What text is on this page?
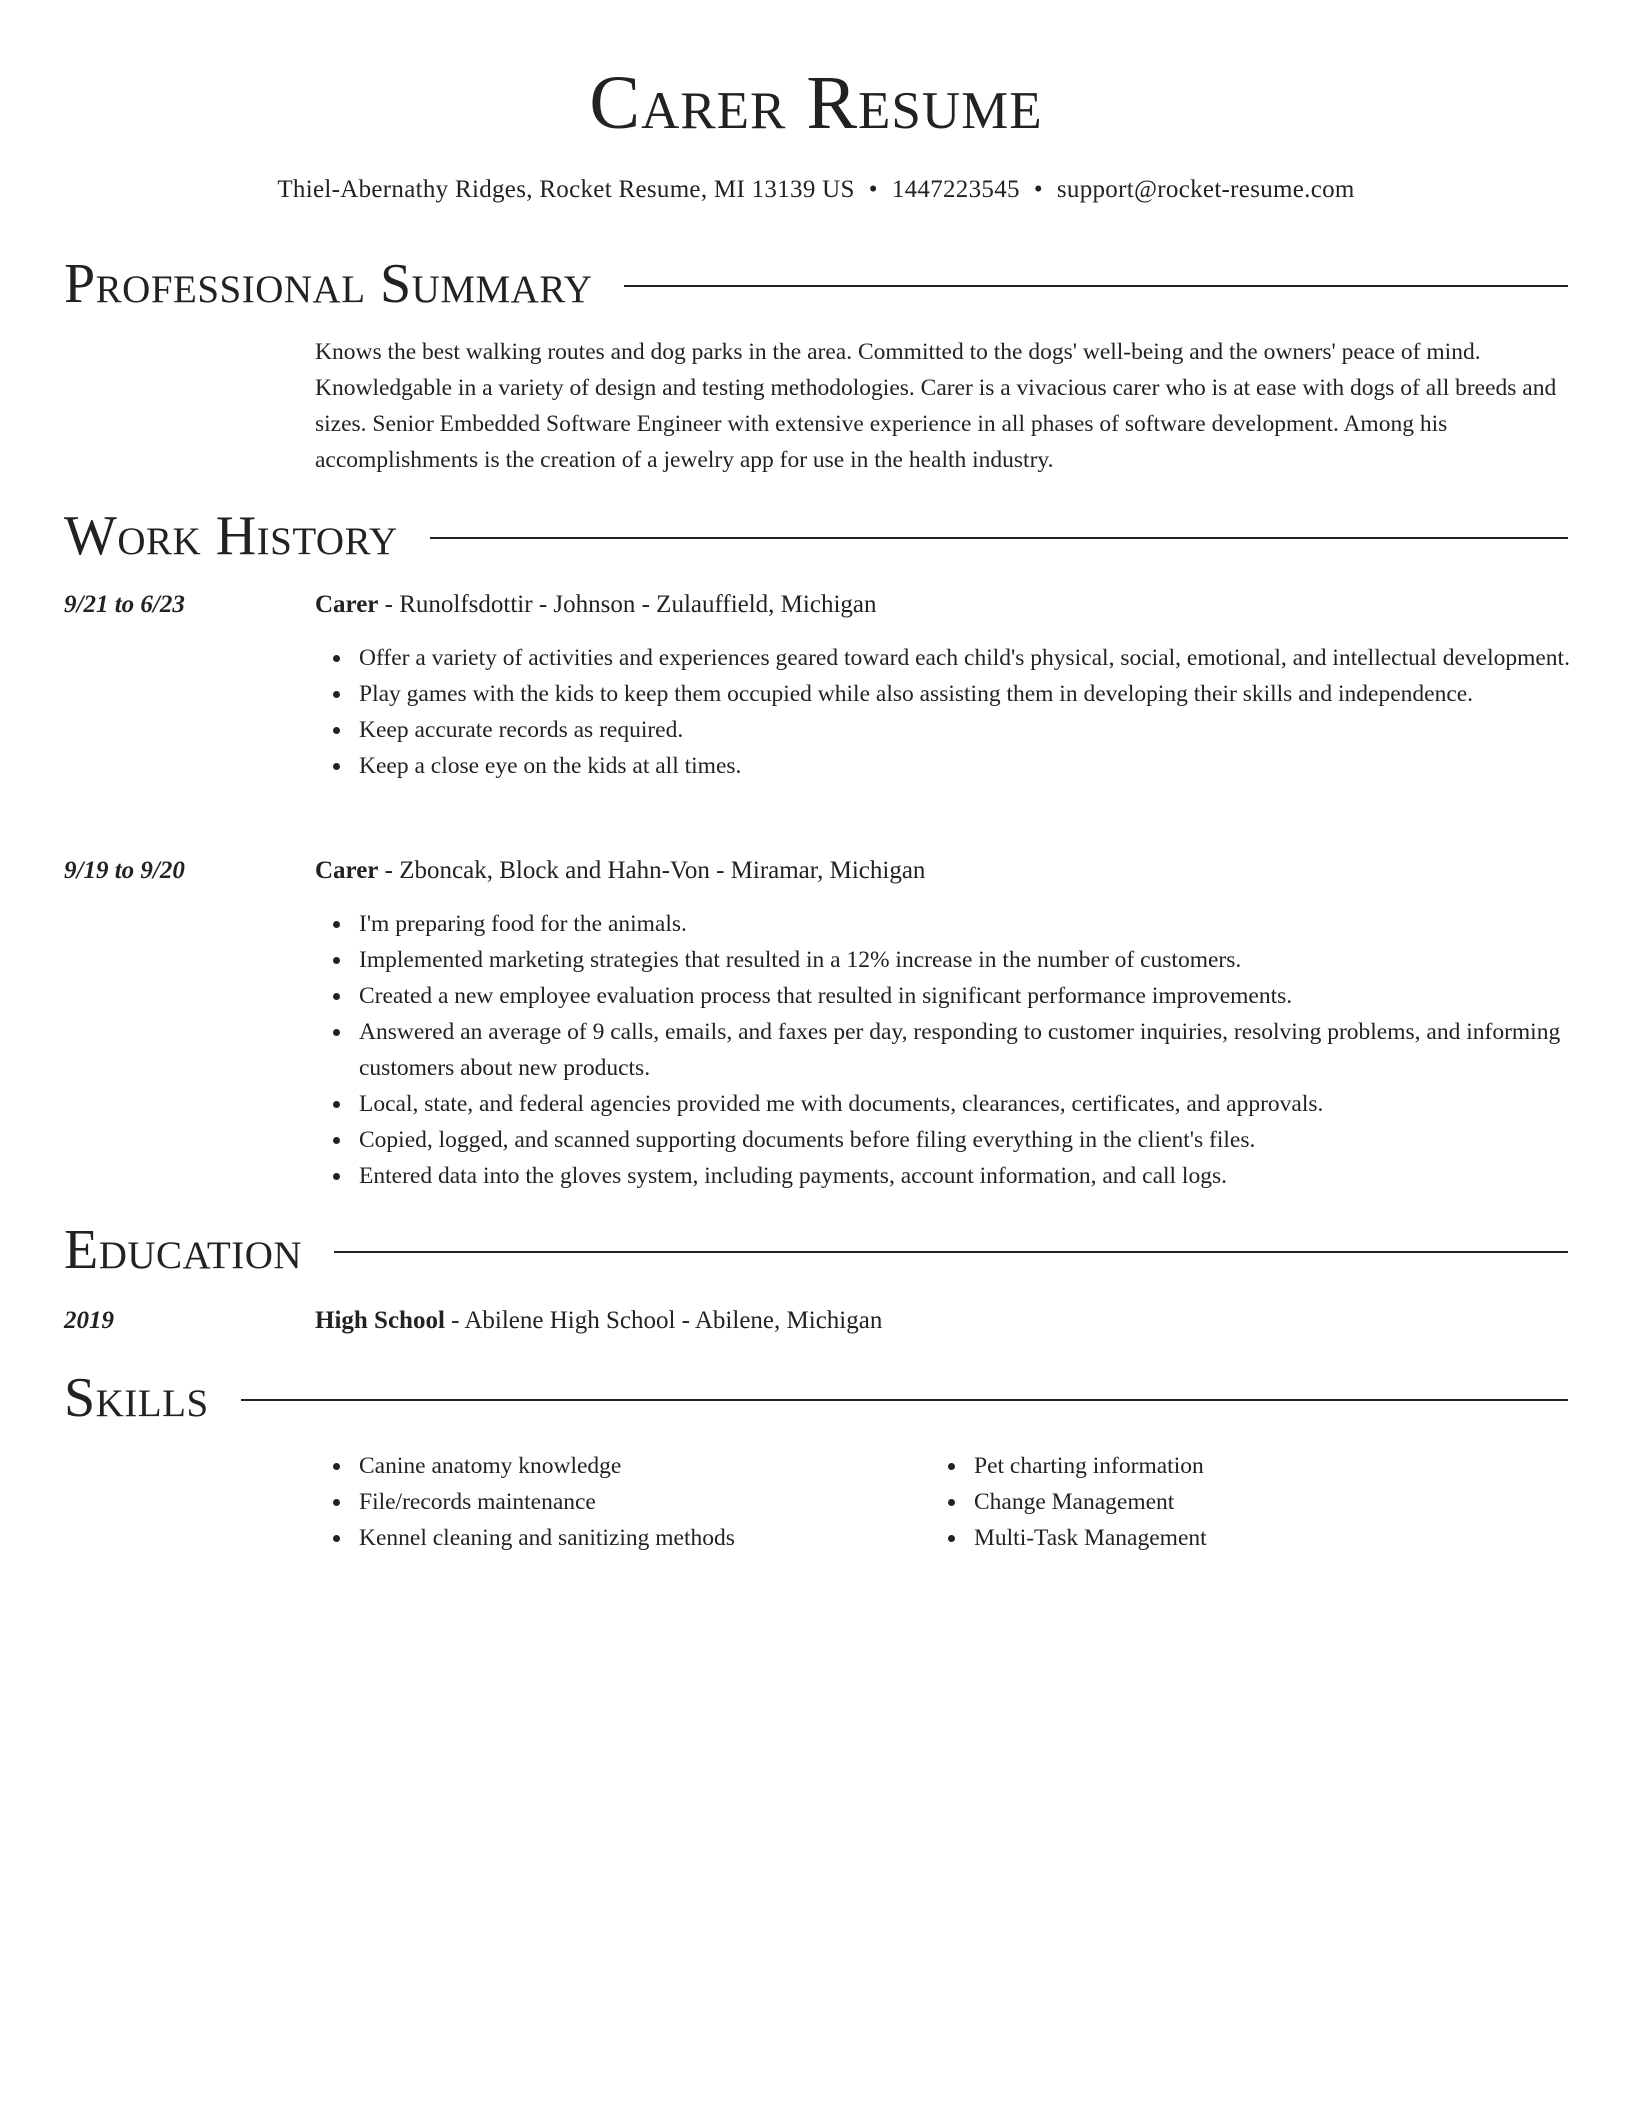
Carer Resume
Thiel-Abernathy Ridges, Rocket Resume, MI 13139 US • 1447223545 • support@rocket-resume.com
Professional Summary
Knows the best walking routes and dog parks in the area. Committed to the dogs' well-being and the owners' peace of mind. Knowledgable in a variety of design and testing methodologies. Carer is a vivacious carer who is at ease with dogs of all breeds and sizes. Senior Embedded Software Engineer with extensive experience in all phases of software development. Among his accomplishments is the creation of a jewelry app for use in the health industry.
Work History
9/21 to 6/23	Carer - Runolfsdottir - Johnson - Zulauffield, Michigan
Offer a variety of activities and experiences geared toward each child's physical, social, emotional, and intellectual development.
Play games with the kids to keep them occupied while also assisting them in developing their skills and independence.
Keep accurate records as required.
Keep a close eye on the kids at all times.
9/19 to 9/20	Carer - Zboncak, Block and Hahn-Von - Miramar, Michigan
I'm preparing food for the animals.
Implemented marketing strategies that resulted in a 12% increase in the number of customers.
Created a new employee evaluation process that resulted in significant performance improvements.
Answered an average of 9 calls, emails, and faxes per day, responding to customer inquiries, resolving problems, and informing customers about new products.
Local, state, and federal agencies provided me with documents, clearances, certificates, and approvals.
Copied, logged, and scanned supporting documents before filing everything in the client's files.
Entered data into the gloves system, including payments, account information, and call logs.
Education
2019	High School - Abilene High School - Abilene, Michigan
Skills
Canine anatomy knowledge
File/records maintenance
Kennel cleaning and sanitizing methods
Pet charting information
Change Management
Multi-Task Management
